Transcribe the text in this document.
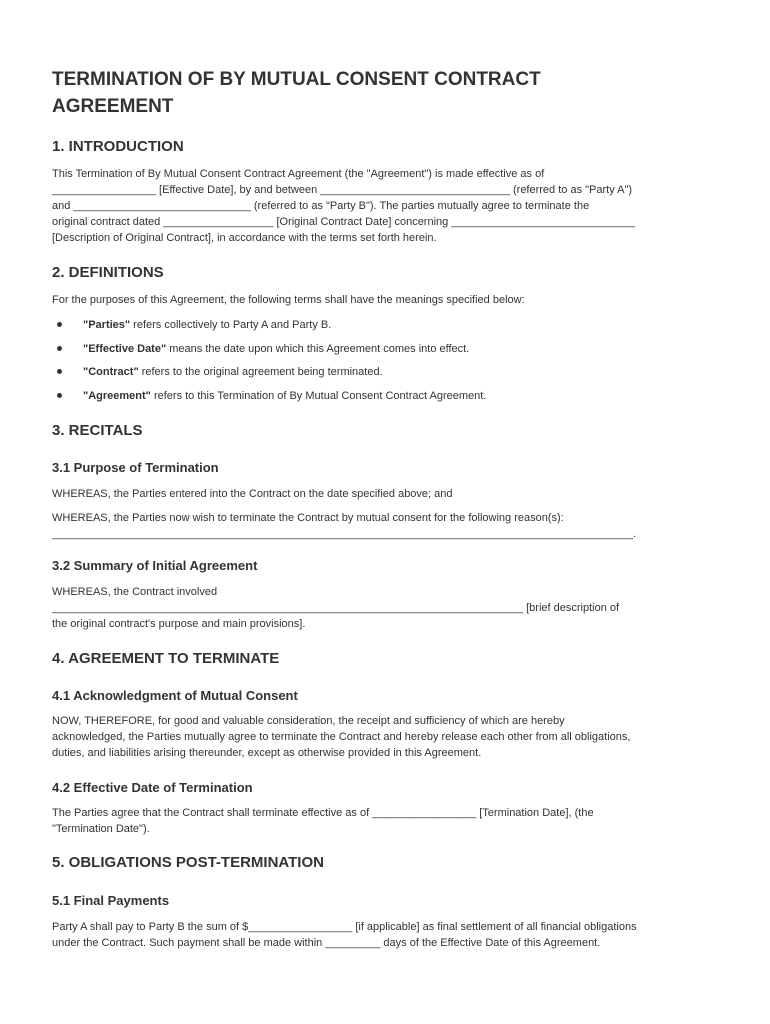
TERMINATION OF BY MUTUAL CONSENT CONTRACT AGREEMENT
1. INTRODUCTION
This Termination of By Mutual Consent Contract Agreement (the "Agreement") is made effective as of
_________________ [Effective Date], by and between _______________________________ (referred to as "Party A")
and _____________________________ (referred to as "Party B"). The parties mutually agree to terminate the
original contract dated __________________ [Original Contract Date] concerning ______________________________
[Description of Original Contract], in accordance with the terms set forth herein.
2. DEFINITIONS
For the purposes of this Agreement, the following terms shall have the meanings specified below:
"Parties" refers collectively to Party A and Party B.
"Effective Date" means the date upon which this Agreement comes into effect.
"Contract" refers to the original agreement being terminated.
"Agreement" refers to this Termination of By Mutual Consent Contract Agreement.
3. RECITALS
3.1 Purpose of Termination
WHEREAS, the Parties entered into the Contract on the date specified above; and
WHEREAS, the Parties now wish to terminate the Contract by mutual consent for the following reason(s):
_______________________________________________________________________________________________.
3.2 Summary of Initial Agreement
WHEREAS, the Contract involved
_____________________________________________________________________________ [brief description of
the original contract's purpose and main provisions].
4. AGREEMENT TO TERMINATE
4.1 Acknowledgment of Mutual Consent
NOW, THEREFORE, for good and valuable consideration, the receipt and sufficiency of which are hereby
acknowledged, the Parties mutually agree to terminate the Contract and hereby release each other from all obligations,
duties, and liabilities arising thereunder, except as otherwise provided in this Agreement.
4.2 Effective Date of Termination
The Parties agree that the Contract shall terminate effective as of _________________ [Termination Date], (the
"Termination Date").
5. OBLIGATIONS POST-TERMINATION
5.1 Final Payments
Party A shall pay to Party B the sum of $_________________ [if applicable] as final settlement of all financial obligations
under the Contract. Such payment shall be made within _________ days of the Effective Date of this Agreement.
